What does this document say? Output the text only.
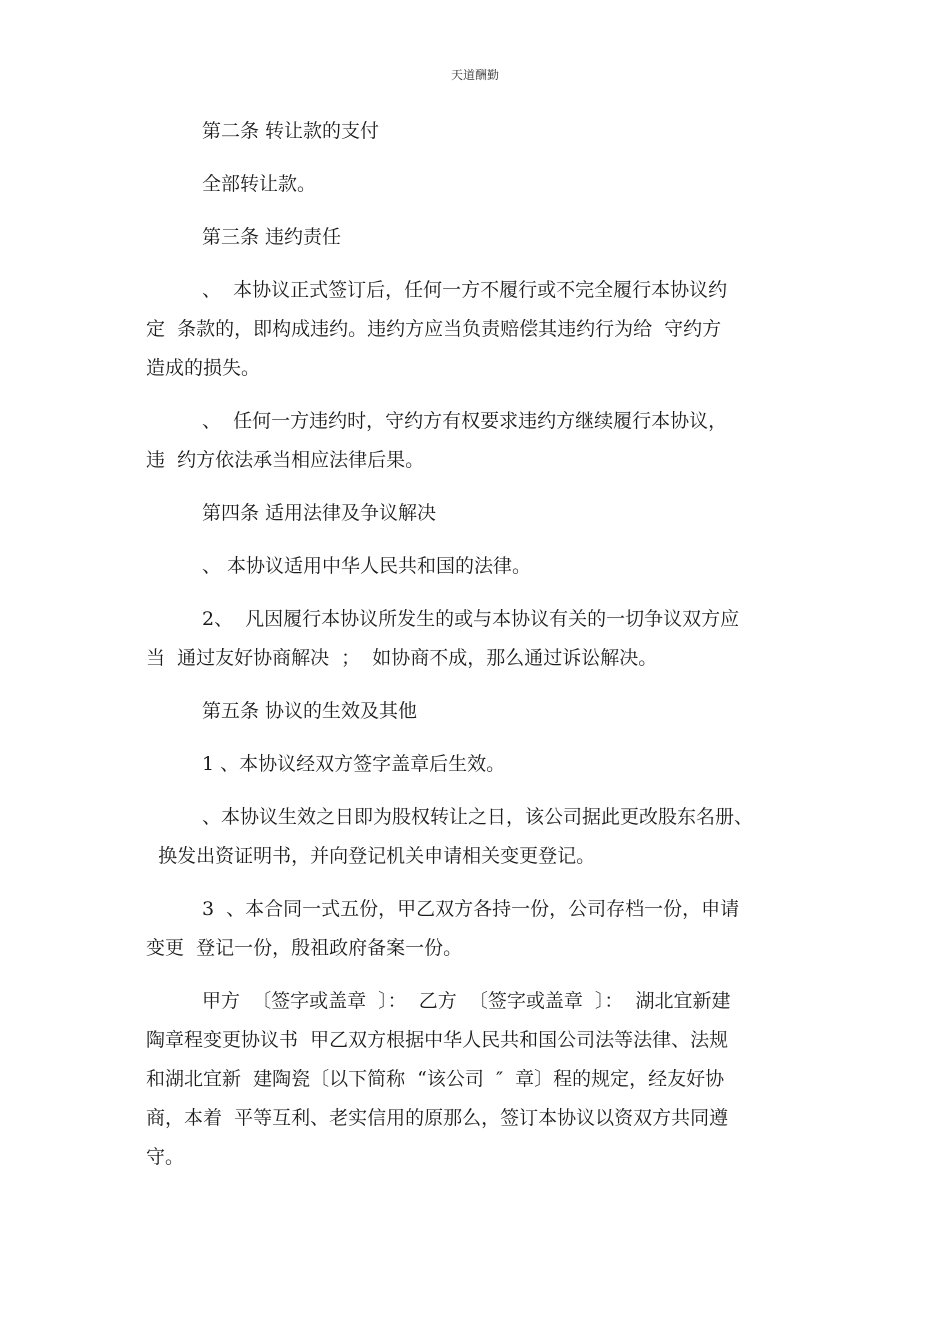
天道酬勤

第二条 转让款的支付

全部转让款。

第三条 违约责任

、  本协议正式签订后，任何一方不履行或不完全履行本协议约
定  条款的，即构成违约。违约方应当负责赔偿其违约行为给  守约方
造成的损失。

、  任何一方违约时，守约方有权要求违约方继续履行本协议，
违  约方依法承当相应法律后果。

第四条 适用法律及争议解决

、 本协议适用中华人民共和国的法律。

2、  凡因履行本协议所发生的或与本协议有关的一切争议双方应
当  通过友好协商解决  ；  如协商不成，那么通过诉讼解决。

第五条 协议的生效及其他

1 、本协议经双方签字盖章后生效。

、本协议生效之日即为股权转让之日，该公司据此更改股东名册、
换发出资证明书，并向登记机关申请相关变更登记。

3  、本合同一式五份，甲乙双方各持一份，公司存档一份，申请
变更  登记一份，殷祖政府备案一份。

甲方  〔签字或盖章  〕：  乙方  〔签字或盖章  〕：  湖北宜新建
陶章程变更协议书  甲乙双方根据中华人民共和国公司法等法律、法规
和湖北宜新  建陶瓷〔以下简称  “该公司  ″  章〕程的规定，经友好协
商，本着  平等互利、老实信用的原那么，签订本协议以资双方共同遵
守。
